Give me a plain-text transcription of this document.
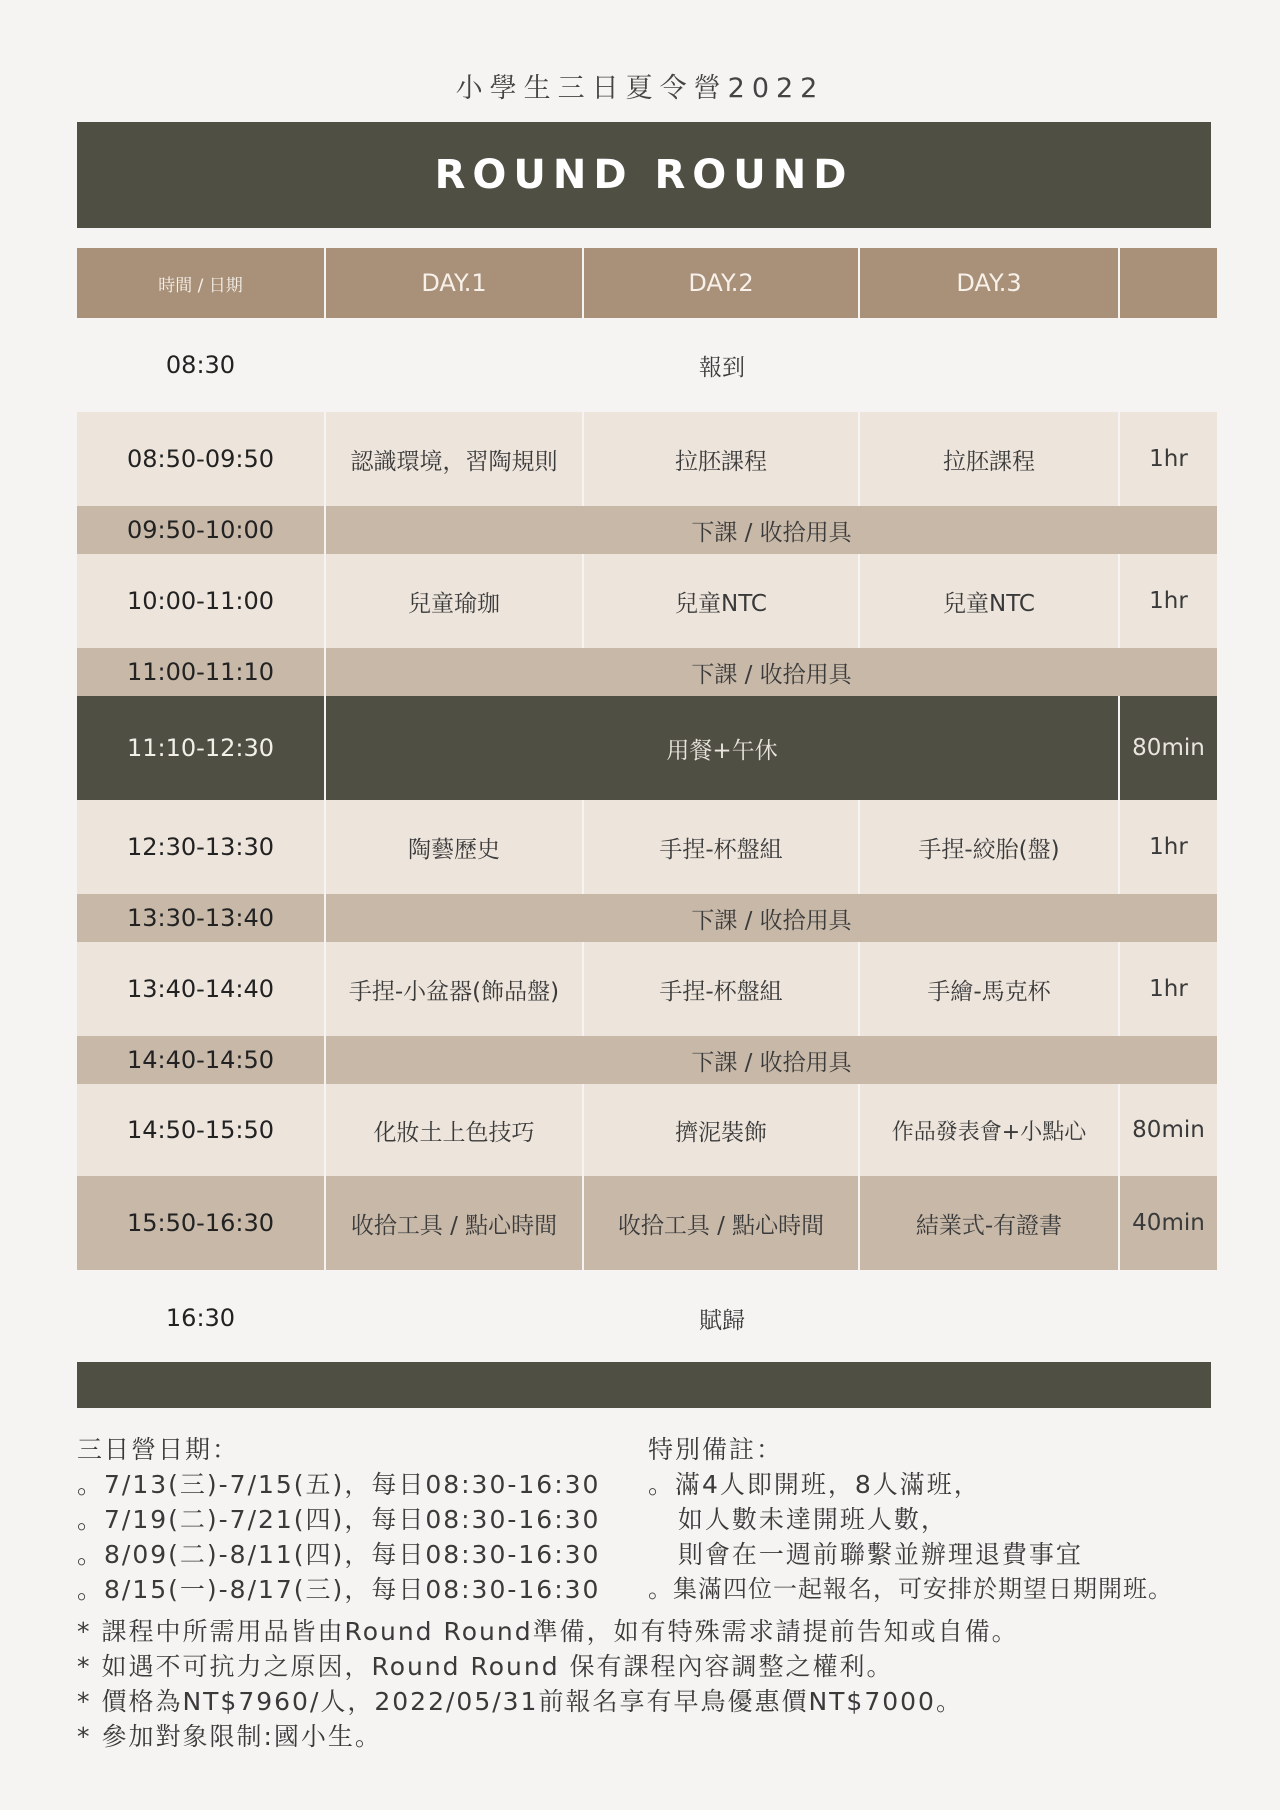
小學生三日夏令營2022
ROUND ROUND
時間 / 日期	DAY.1	DAY.2	DAY.3
08:30	報到
08:50-09:50	認識環境，習陶規則	拉胚課程	拉胚課程	1hr
09:50-10:00	下課 / 收拾用具
10:00-11:00	兒童瑜珈	兒童NTC	兒童NTC	1hr
11:00-11:10	下課 / 收拾用具
11:10-12:30	用餐+午休	80min
12:30-13:30	陶藝歷史	手捏-杯盤組	手捏-絞胎(盤)	1hr
13:30-13:40	下課 / 收拾用具
13:40-14:40	手捏-小盆器(飾品盤)	手捏-杯盤組	手繪-馬克杯	1hr
14:40-14:50	下課 / 收拾用具
14:50-15:50	化妝土上色技巧	擠泥裝飾	作品發表會+小點心	80min
15:50-16:30	收拾工具 / 點心時間	收拾工具 / 點心時間	結業式-有證書	40min
16:30	賦歸
三日營日期：
。7/13(三)-7/15(五)，每日08:30-16:30
。7/19(二)-7/21(四)，每日08:30-16:30
。8/09(二)-8/11(四)，每日08:30-16:30
。8/15(一)-8/17(三)，每日08:30-16:30
特別備註：
。滿4人即開班，8人滿班，
如人數未達開班人數，
則會在一週前聯繫並辦理退費事宜
。集滿四位一起報名，可安排於期望日期開班。
* 課程中所需用品皆由Round Round準備，如有特殊需求請提前告知或自備。
* 如遇不可抗力之原因，Round Round 保有課程內容調整之權利。
* 價格為NT$7960/人，2022/05/31前報名享有早鳥優惠價NT$7000。
* 參加對象限制:國小生。
